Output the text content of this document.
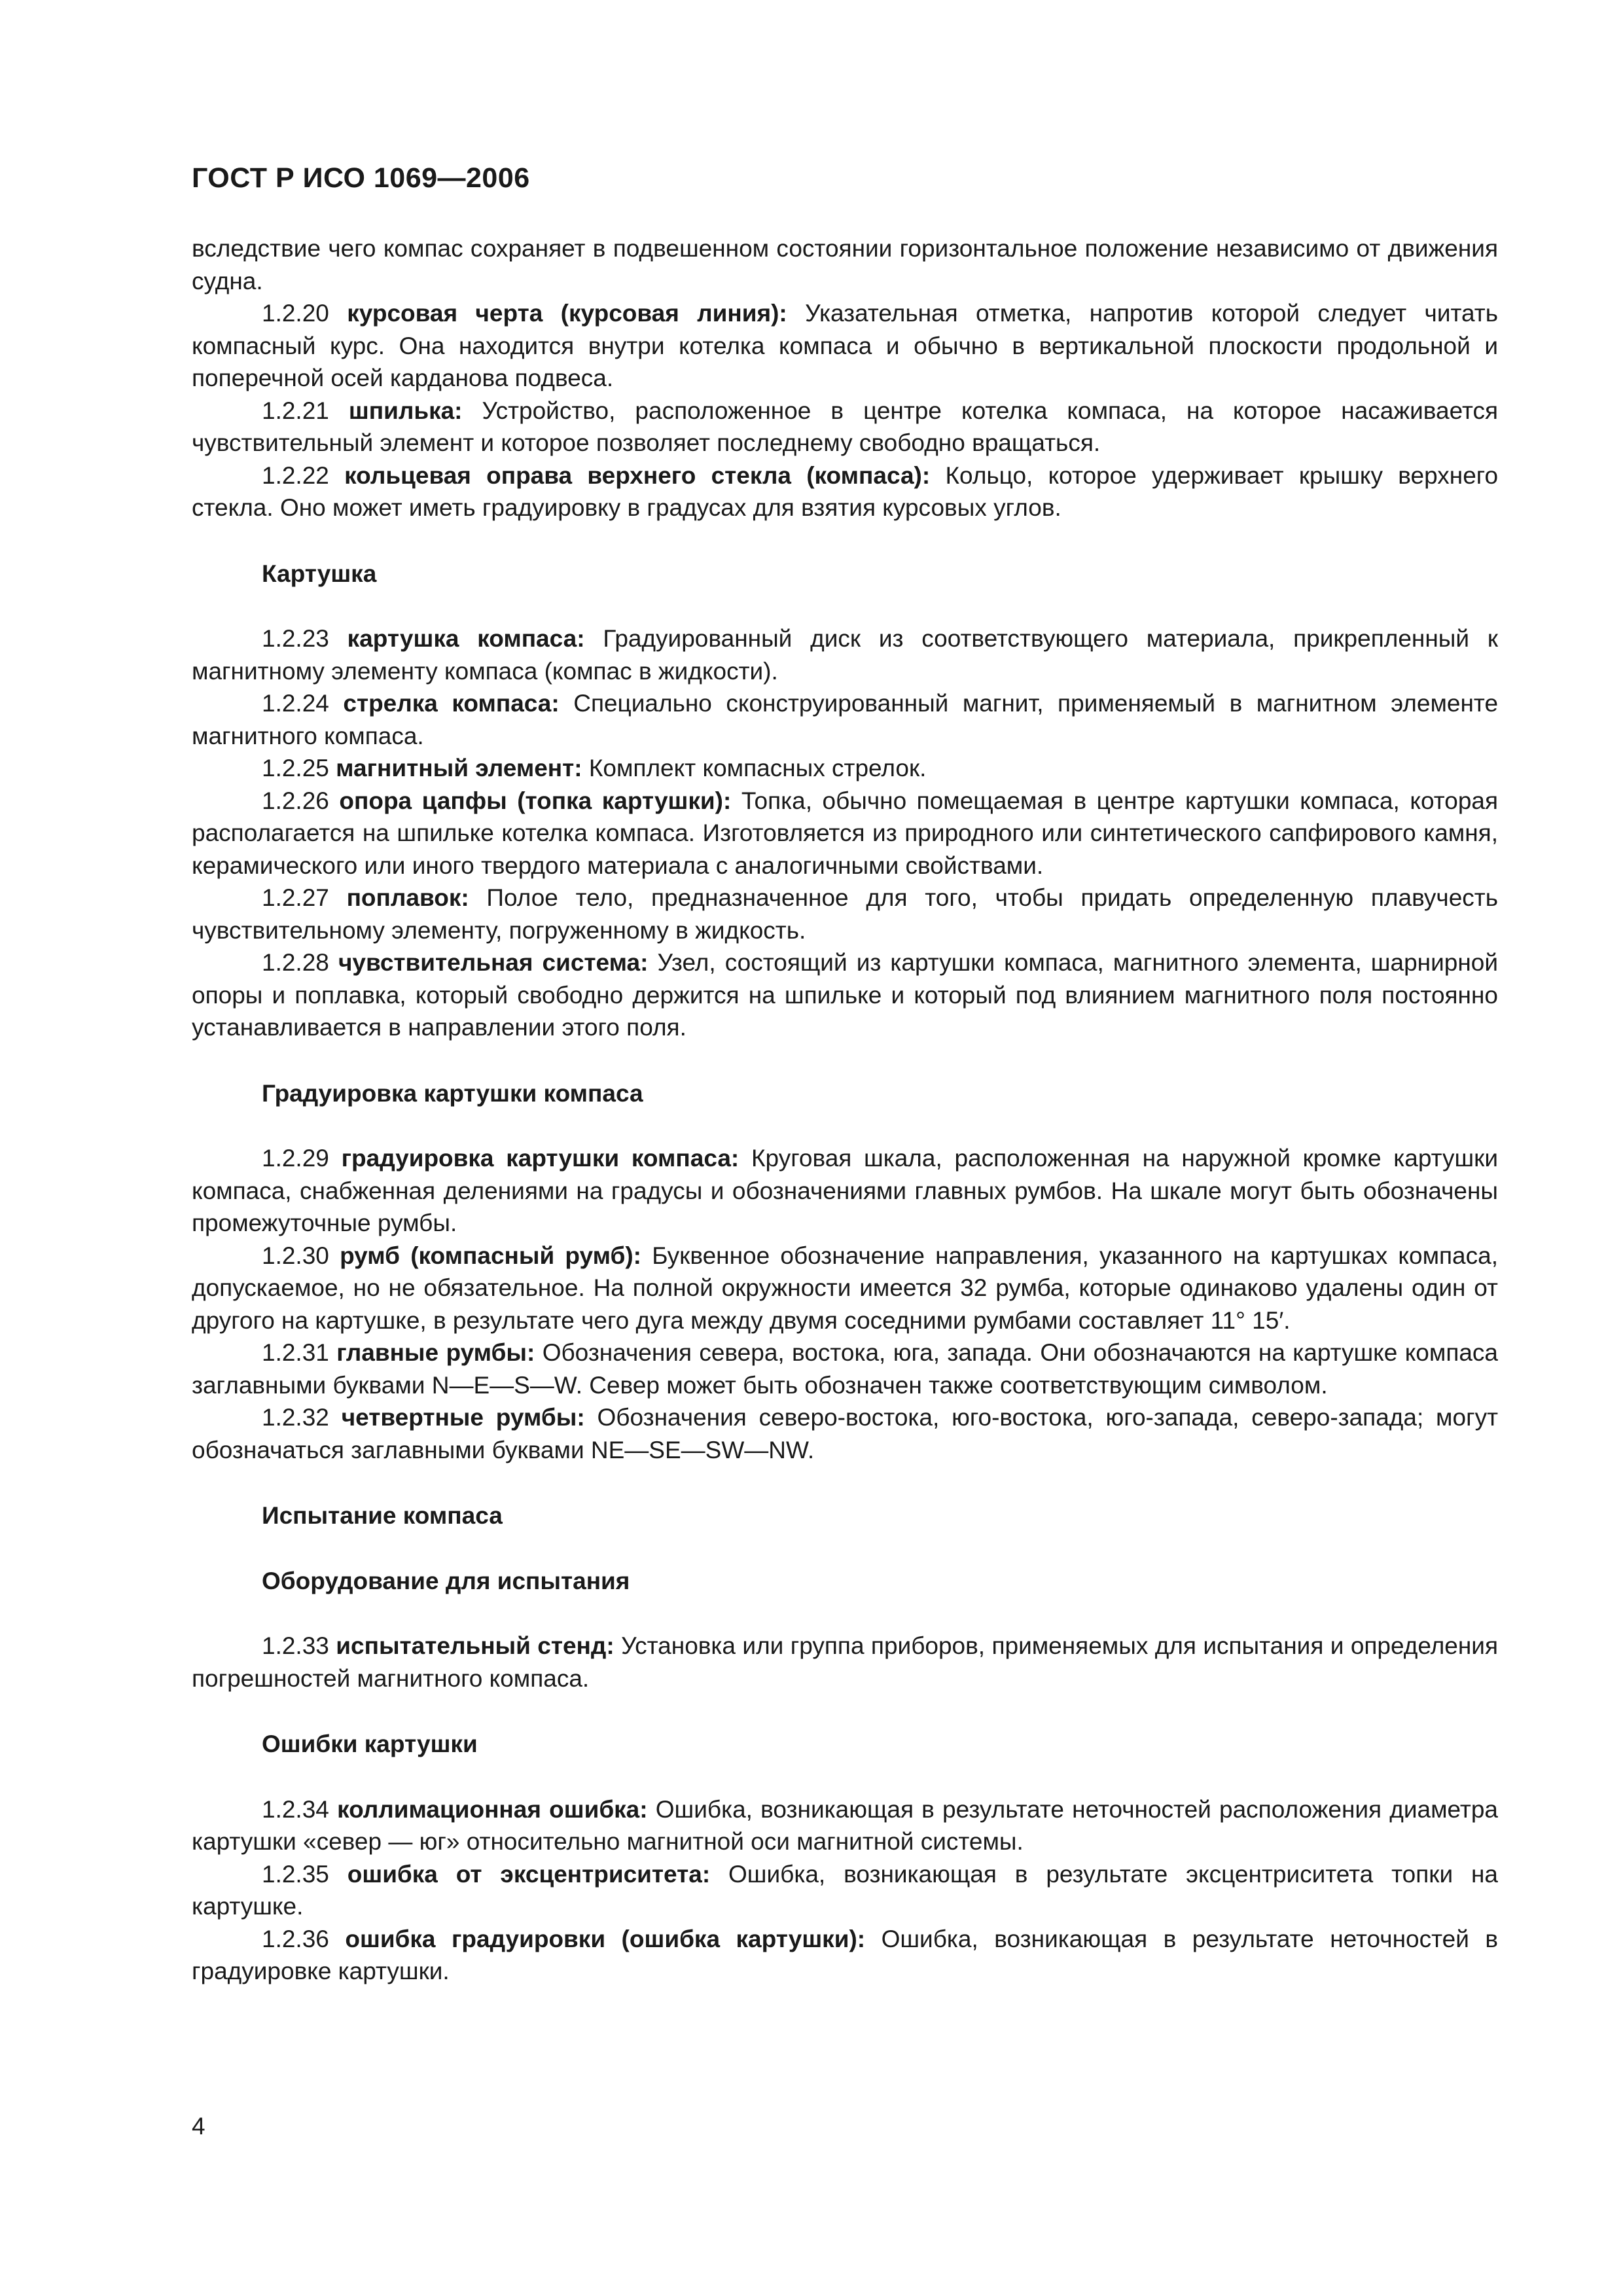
ГОСТ Р ИСО 1069—2006

вследствие чего компас сохраняет в подвешенном состоянии горизонтальное положение независимо от движения судна.

1.2.20 курсовая черта (курсовая линия): Указательная отметка, напротив которой следует читать компасный курс. Она находится внутри котелка компаса и обычно в вертикальной плоскости продольной и поперечной осей карданова подвеса.

1.2.21 шпилька: Устройство, расположенное в центре котелка компаса, на которое насаживается чувствительный элемент и которое позволяет последнему свободно вращаться.

1.2.22 кольцевая оправа верхнего стекла (компаса): Кольцо, которое удерживает крышку верхнего стекла. Оно может иметь градуировку в градусах для взятия курсовых углов.

Картушка

1.2.23 картушка компаса: Градуированный диск из соответствующего материала, прикрепленный к магнитному элементу компаса (компас в жидкости).

1.2.24 стрелка компаса: Специально сконструированный магнит, применяемый в магнитном элементе магнитного компаса.

1.2.25 магнитный элемент: Комплект компасных стрелок.

1.2.26 опора цапфы (топка картушки): Топка, обычно помещаемая в центре картушки компаса, которая располагается на шпильке котелка компаса. Изготовляется из природного или синтетического сапфирового камня, керамического или иного твердого материала с аналогичными свойствами.

1.2.27 поплавок: Полое тело, предназначенное для того, чтобы придать определенную плавучесть чувствительному элементу, погруженному в жидкость.

1.2.28 чувствительная система: Узел, состоящий из картушки компаса, магнитного элемента, шарнирной опоры и поплавка, который свободно держится на шпильке и который под влиянием магнитного поля постоянно устанавливается в направлении этого поля.

Градуировка картушки компаса

1.2.29 градуировка картушки компаса: Круговая шкала, расположенная на наружной кромке картушки компаса, снабженная делениями на градусы и обозначениями главных румбов. На шкале могут быть обозначены промежуточные румбы.

1.2.30 румб (компасный румб): Буквенное обозначение направления, указанного на картушках компаса, допускаемое, но не обязательное. На полной окружности имеется 32 румба, которые одинаково удалены один от другого на картушке, в результате чего дуга между двумя соседними румбами составляет 11° 15′.

1.2.31 главные румбы: Обозначения севера, востока, юга, запада. Они обозначаются на картушке компаса заглавными буквами N—E—S—W. Север может быть обозначен также соответствующим символом.

1.2.32 четвертные румбы: Обозначения северо-востока, юго-востока, юго-запада, северо-запада; могут обозначаться заглавными буквами NE—SE—SW—NW.

Испытание компаса

Оборудование для испытания

1.2.33 испытательный стенд: Установка или группа приборов, применяемых для испытания и определения погрешностей магнитного компаса.

Ошибки картушки

1.2.34 коллимационная ошибка: Ошибка, возникающая в результате неточностей расположения диаметра картушки «север — юг» относительно магнитной оси магнитной системы.

1.2.35 ошибка от эксцентриситета: Ошибка, возникающая в результате эксцентриситета топки на картушке.

1.2.36 ошибка градуировки (ошибка картушки): Ошибка, возникающая в результате неточностей в градуировке картушки.

4
